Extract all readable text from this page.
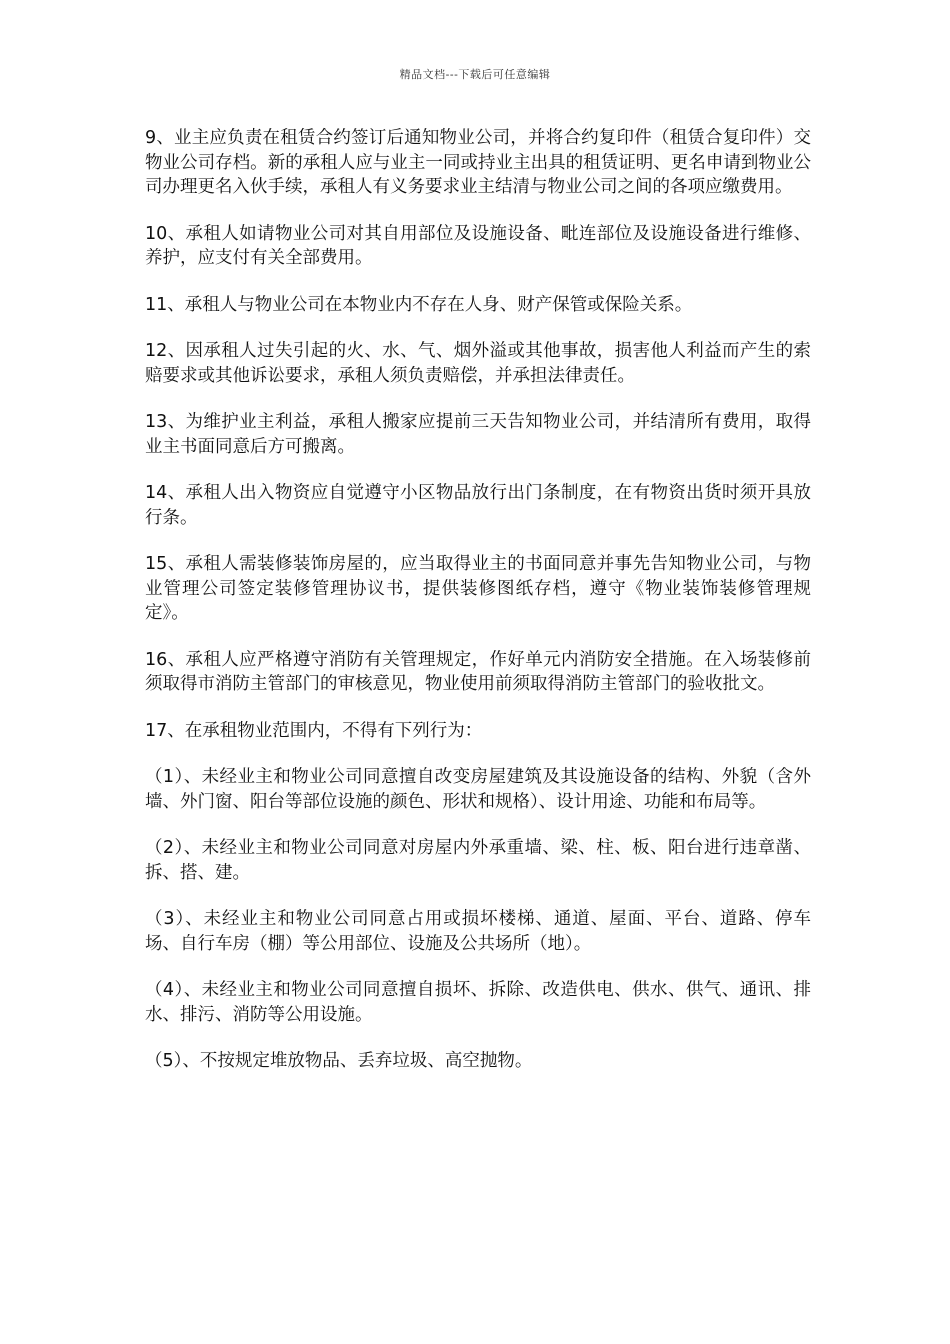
精品文档---下载后可任意编辑

9、业主应负责在租赁合约签订后通知物业公司，并将合约复印件（租赁合复印件）交物业公司存档。新的承租人应与业主一同或持业主出具的租赁证明、更名申请到物业公司办理更名入伙手续，承租人有义务要求业主结清与物业公司之间的各项应缴费用。

10、承租人如请物业公司对其自用部位及设施设备、毗连部位及设施设备进行维修、养护，应支付有关全部费用。

11、承租人与物业公司在本物业内不存在人身、财产保管或保险关系。

12、因承租人过失引起的火、水、气、烟外溢或其他事故，损害他人利益而产生的索赔要求或其他诉讼要求，承租人须负责赔偿，并承担法律责任。

13、为维护业主利益，承租人搬家应提前三天告知物业公司，并结清所有费用，取得业主书面同意后方可搬离。

14、承租人出入物资应自觉遵守小区物品放行出门条制度，在有物资出货时须开具放行条。

15、承租人需装修装饰房屋的，应当取得业主的书面同意并事先告知物业公司，与物业管理公司签定装修管理协议书，提供装修图纸存档，遵守《物业装饰装修管理规定》。

16、承租人应严格遵守消防有关管理规定，作好单元内消防安全措施。在入场装修前须取得市消防主管部门的审核意见，物业使用前须取得消防主管部门的验收批文。

17、在承租物业范围内，不得有下列行为：

（1）、未经业主和物业公司同意擅自改变房屋建筑及其设施设备的结构、外貌（含外墙、外门窗、阳台等部位设施的颜色、形状和规格）、设计用途、功能和布局等。

（2）、未经业主和物业公司同意对房屋内外承重墙、梁、柱、板、阳台进行违章凿、拆、搭、建。

（3）、未经业主和物业公司同意占用或损坏楼梯、通道、屋面、平台、道路、停车场、自行车房（棚）等公用部位、设施及公共场所（地）。

（4）、未经业主和物业公司同意擅自损坏、拆除、改造供电、供水、供气、通讯、排水、排污、消防等公用设施。

（5）、不按规定堆放物品、丢弃垃圾、高空抛物。
